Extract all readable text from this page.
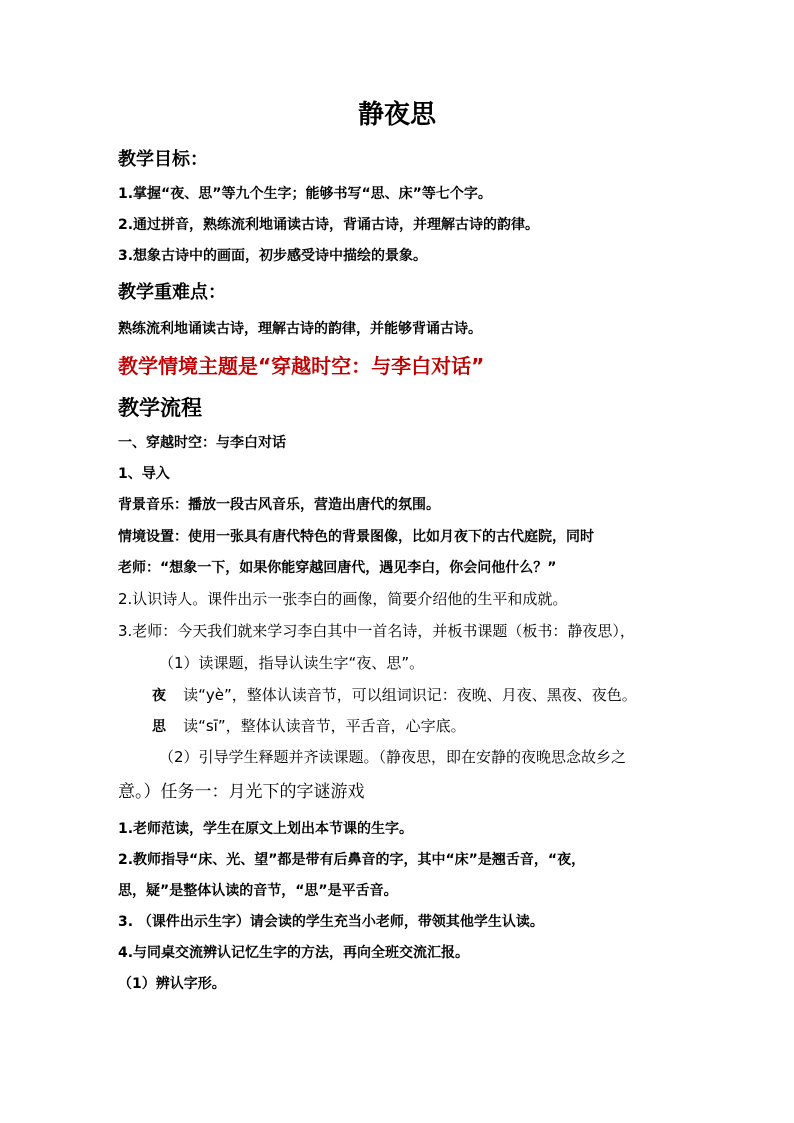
静夜思
教学目标：
1.掌握“夜、思”等九个生字；能够书写“思、床”等七个字。
2.通过拼音，熟练流利地诵读古诗，背诵古诗，并理解古诗的韵律。
3.想象古诗中的画面，初步感受诗中描绘的景象。
教学重难点：
熟练流利地诵读古诗，理解古诗的韵律，并能够背诵古诗。
教学情境主题是“穿越时空：与李白对话”
教学流程
一、穿越时空：与李白对话
1、导入
背景音乐：播放一段古风音乐，营造出唐代的氛围。
情境设置：使用一张具有唐代特色的背景图像，比如月夜下的古代庭院，同时
老师：“想象一下，如果你能穿越回唐代，遇见李白，你会问他什么？”
2.认识诗人。课件出示一张李白的画像，简要介绍他的生平和成就。
3.老师：今天我们就来学习李白其中一首名诗，并板书课题（板书：静夜思），
（1）读课题，指导认读生字“夜、思”。
夜 读“yè”，整体认读音节，可以组词识记：夜晚、月夜、黑夜、夜色。
思 读“sī”，整体认读音节，平舌音，心字底。
（2）引导学生释题并齐读课题。（静夜思，即在安静的夜晚思念故乡之
意。）任务一：月光下的字谜游戏
1.老师范读，学生在原文上划出本节课的生字。
2.教师指导“床、光、望”都是带有后鼻音的字，其中“床”是翘舌音，“夜，
思，疑”是整体认读的音节，“思”是平舌音。
3. （课件出示生字）请会读的学生充当小老师，带领其他学生认读。
4.与同桌交流辨认记忆生字的方法，再向全班交流汇报。
（1）辨认字形。
